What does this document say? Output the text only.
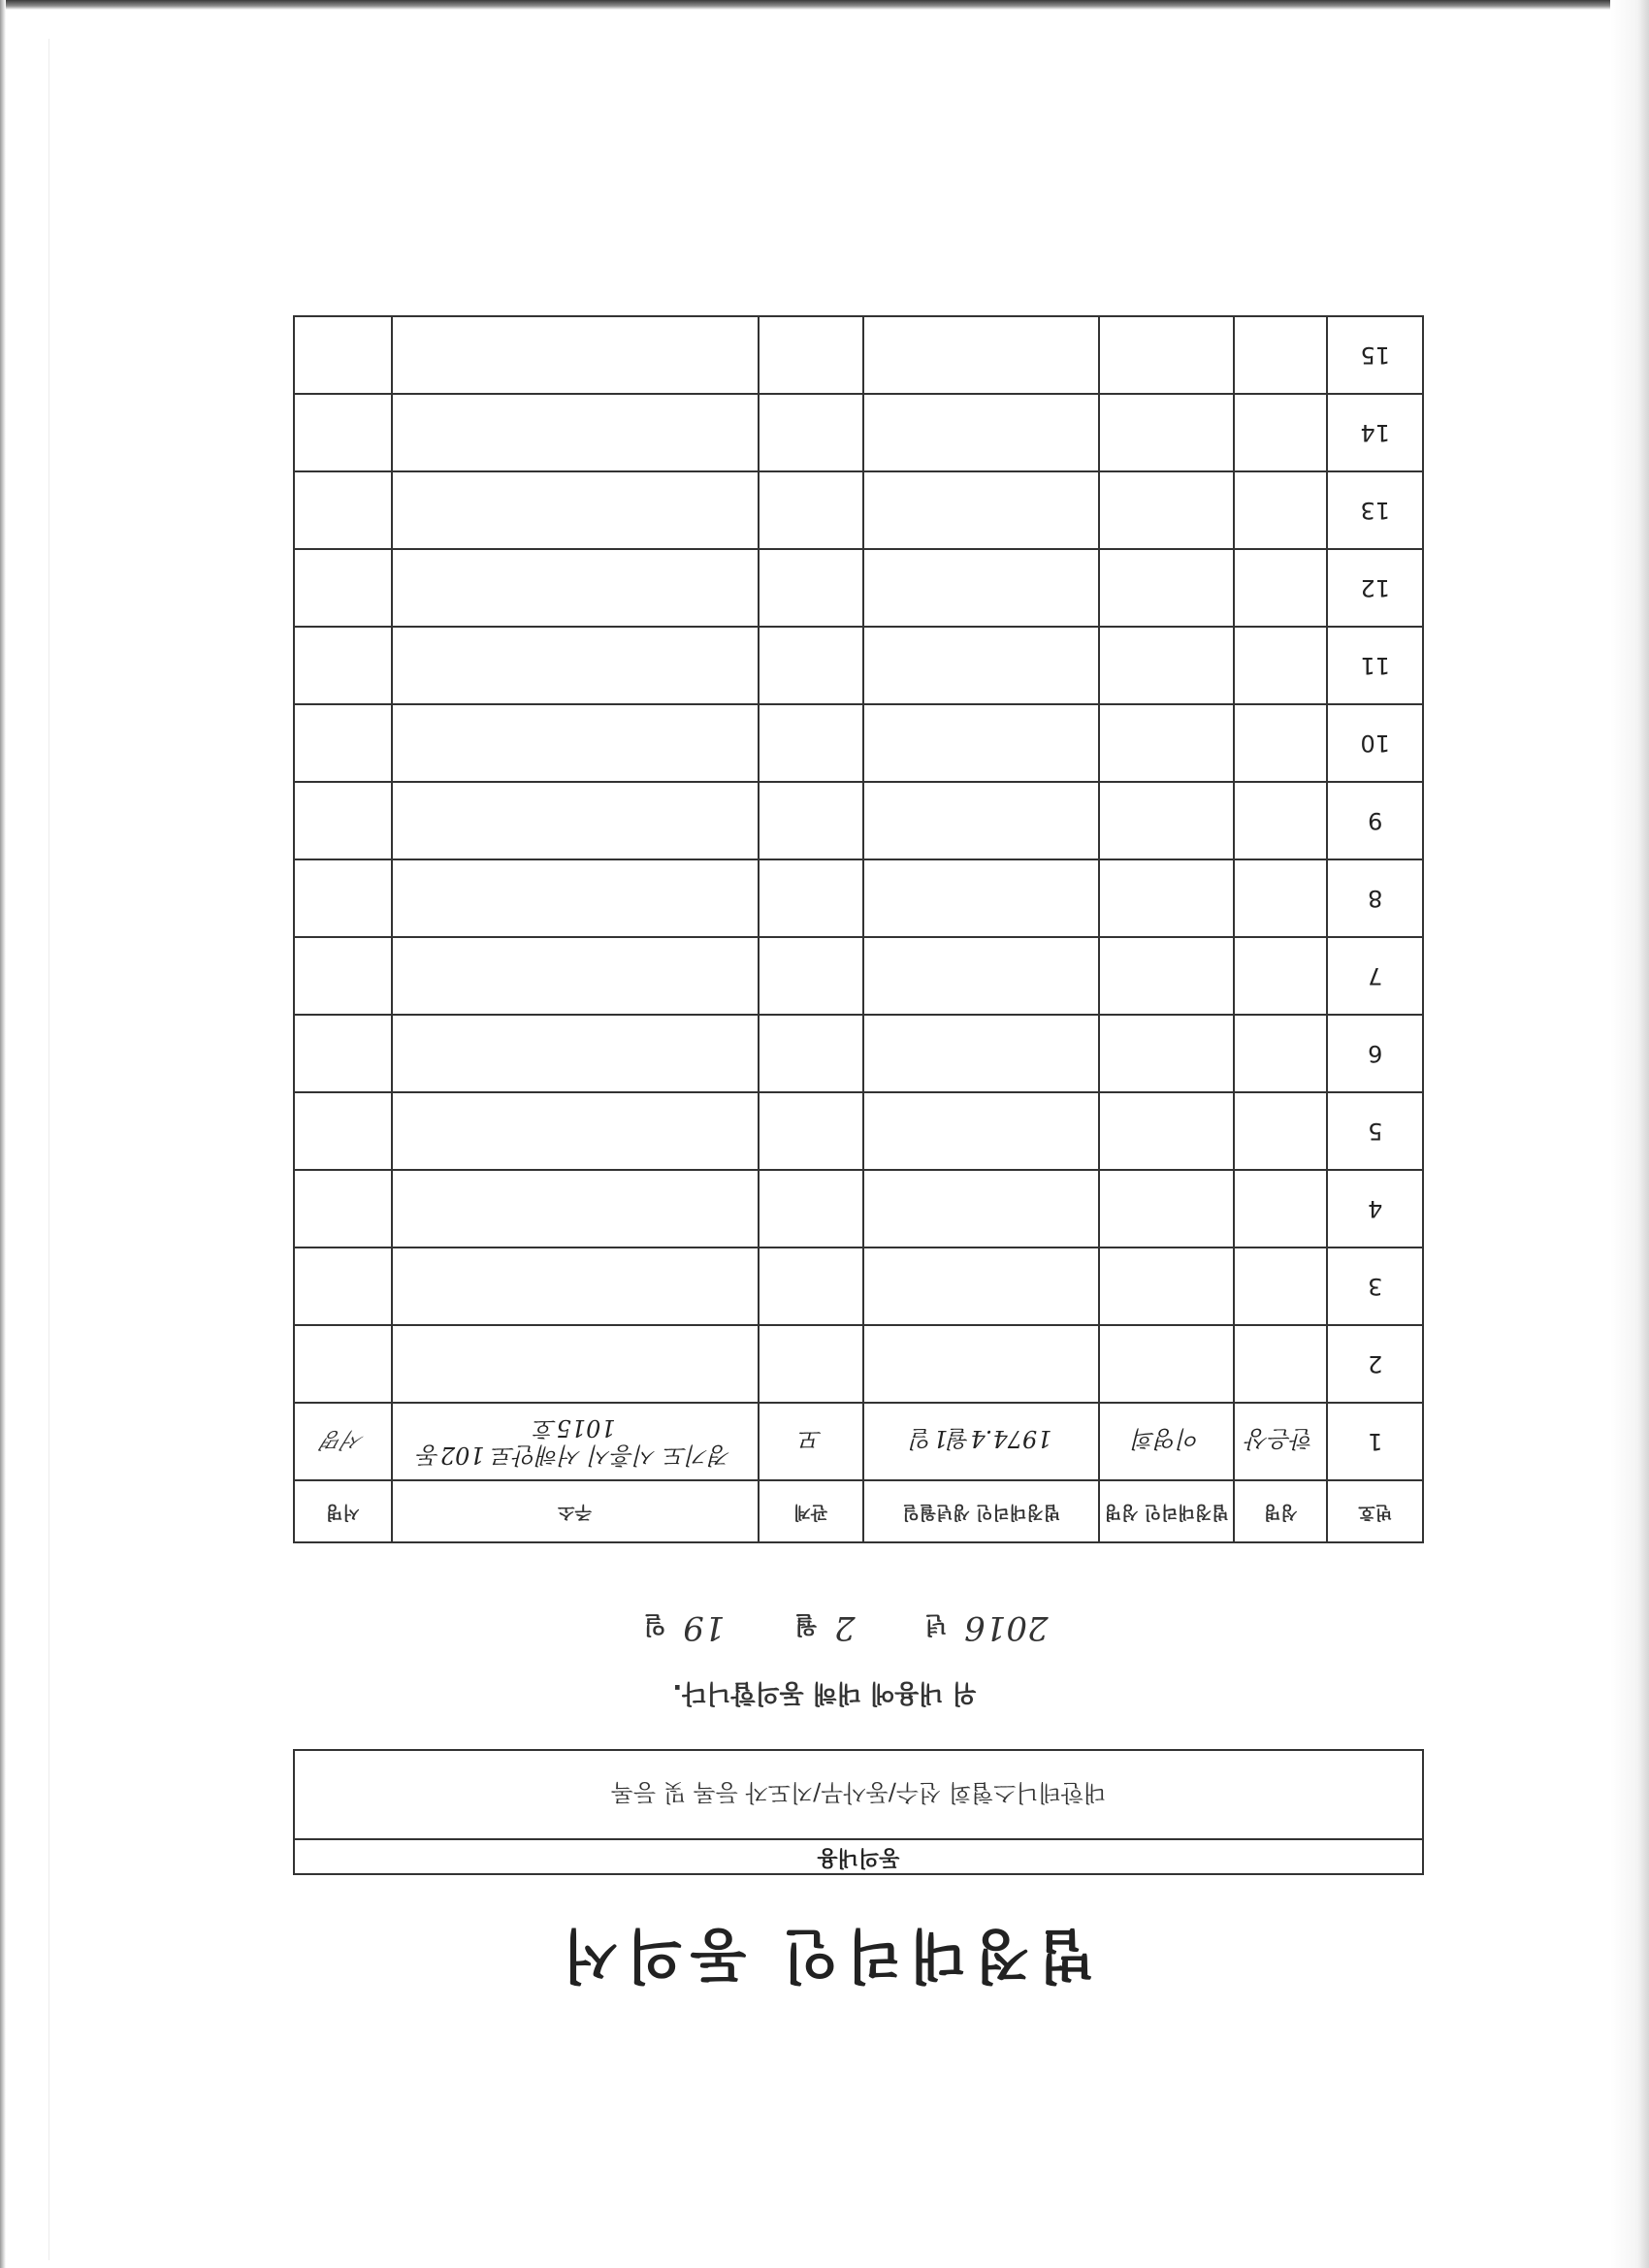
법정대리인 동의서
동의내용
대한테니스협회 선수/동사무/지도자 등록 및 등록
위 내용에 대해 동의합니다.
2016 년 2 월 19 일
번호	성명	법정대리인 성명	법정대리인 생년월일	관계	주소	서명
1	한은상	이영희	1974.4월1일	모	경기도 시흥시 서해안로 102동 1015호	서명
2						
3						
4						
5						
6						
7						
8						
9						
10						
11						
12						
13						
14						
15						
